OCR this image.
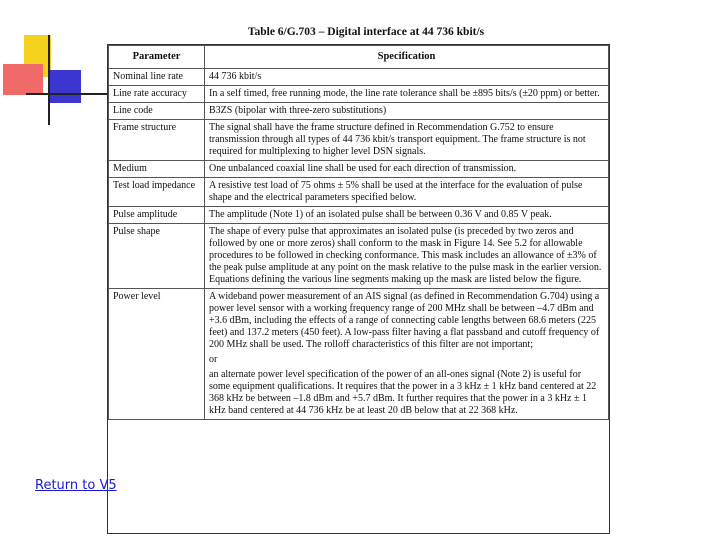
Table 6/G.703 – Digital interface at 44 736 kbit/s
Parameter	Specification
Nominal line rate	44 736 kbit/s
Line rate accuracy	In a self timed, free running mode, the line rate tolerance shall be ±895 bits/s (±20 ppm) or better.
Line code	B3ZS (bipolar with three-zero substitutions)
Frame structure	The signal shall have the frame structure defined in Recommendation G.752 to ensure transmission through all types of 44 736 kbit/s transport equipment. The frame structure is not required for multiplexing to higher level DSN signals.
Medium	One unbalanced coaxial line shall be used for each direction of transmission.
Test load impedance	A resistive test load of 75 ohms ± 5% shall be used at the interface for the evaluation of pulse shape and the electrical parameters specified below.
Pulse amplitude	The amplitude (Note 1) of an isolated pulse shall be between 0.36 V and 0.85 V peak.
Pulse shape	The shape of every pulse that approximates an isolated pulse (is preceded by two zeros and followed by one or more zeros) shall conform to the mask in Figure 14. See 5.2 for allowable procedures to be followed in checking conformance. This mask includes an allowance of ±3% of the peak pulse amplitude at any point on the mask relative to the pulse mask in the earlier version. Equations defining the various line segments making up the mask are listed below the figure.
Power level	A wideband power measurement of an AIS signal (as defined in Recommendation G.704) using a power level sensor with a working frequency range of 200 MHz shall be between –4.7 dBm and +3.6 dBm, including the effects of a range of connecting cable lengths between 68.6 meters (225 feet) and 137.2 meters (450 feet). A low-pass filter having a flat passband and cutoff frequency of 200 MHz shall be used. The rolloff characteristics of this filter are not important;
or
an alternate power level specification of the power of an all-ones signal (Note 2) is useful for some equipment qualifications. It requires that the power in a 3 kHz ± 1 kHz band centered at 22 368 kHz be between –1.8 dBm and +5.7 dBm. It further requires that the power in a 3 kHz ± 1 kHz band centered at 44 736 kHz be at least 20 dB below that at 22 368 kHz.
Return to V5
